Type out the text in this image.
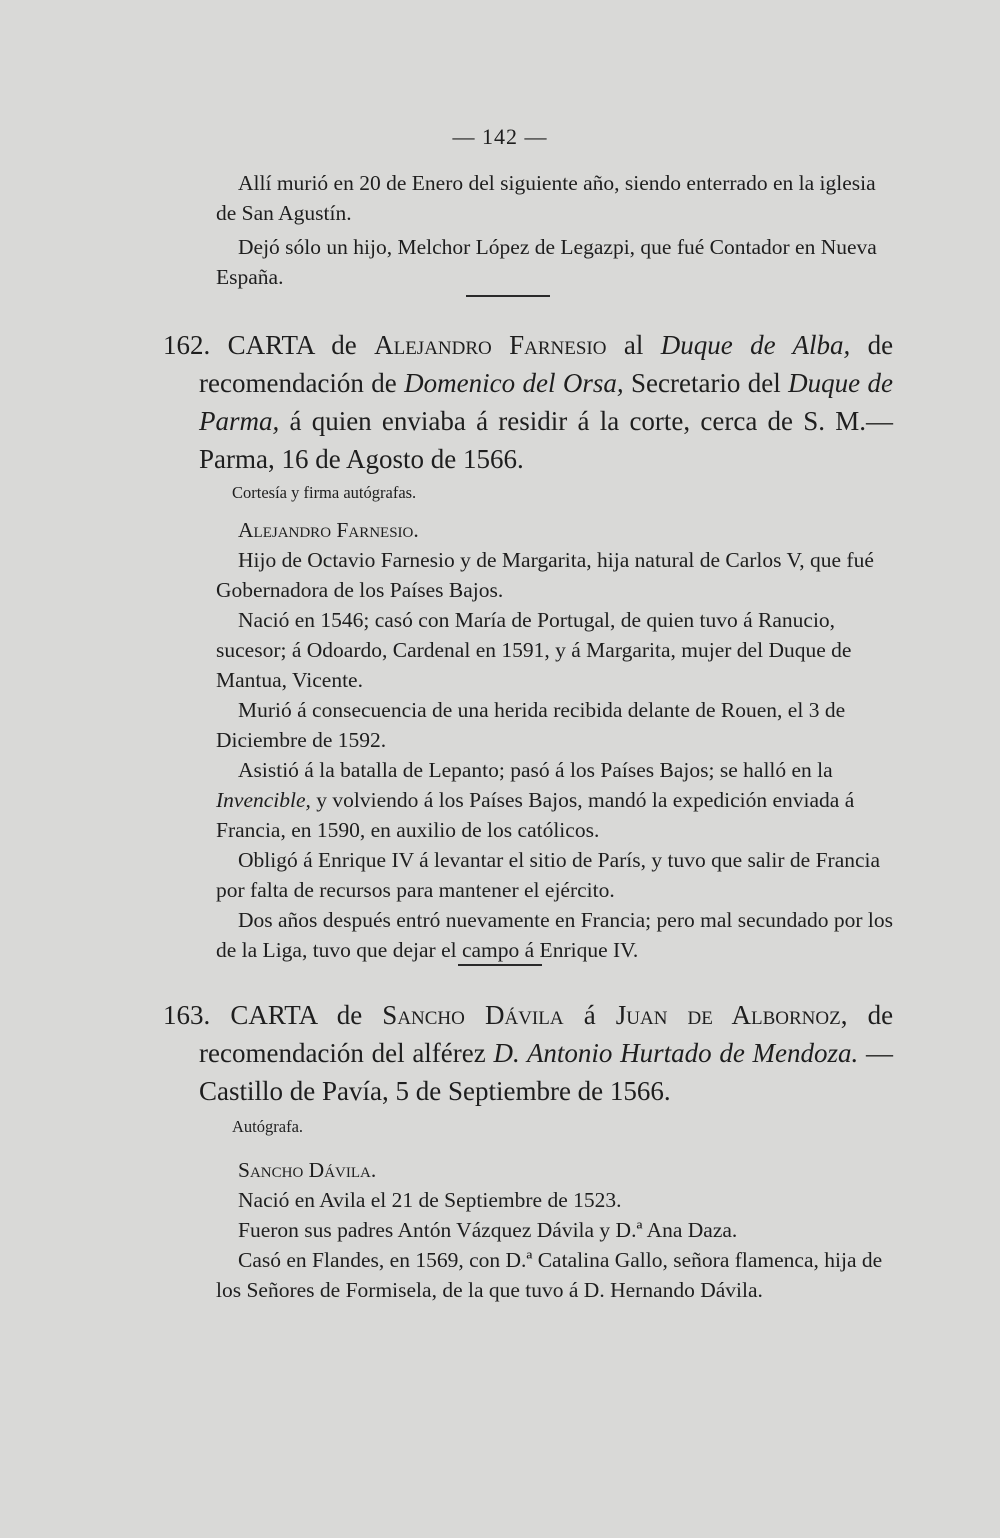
— 142 —

Allí murió en 20 de Enero del siguiente año, siendo enterrado en la iglesia de San Agustín.

Dejó sólo un hijo, Melchor López de Legazpi, que fué Contador en Nueva España.

162. CARTA de Alejandro Farnesio al Duque de Alba, de recomendación de Domenico del Orsa, Secretario del Duque de Parma, á quien enviaba á residir á la corte, cerca de S. M.— Parma, 16 de Agosto de 1566.

Cortesía y firma autógrafas.

Alejandro Farnesio.

Hijo de Octavio Farnesio y de Margarita, hija natural de Carlos V, que fué Gobernadora de los Países Bajos.

Nació en 1546; casó con María de Portugal, de quien tuvo á Ranucio, sucesor; á Odoardo, Cardenal en 1591, y á Margarita, mujer del Duque de Mantua, Vicente.

Murió á consecuencia de una herida recibida delante de Rouen, el 3 de Diciembre de 1592.

Asistió á la batalla de Lepanto; pasó á los Países Bajos; se halló en la Invencible, y volviendo á los Países Bajos, mandó la expedición enviada á Francia, en 1590, en auxilio de los católicos.

Obligó á Enrique IV á levantar el sitio de París, y tuvo que salir de Francia por falta de recursos para mantener el ejército.

Dos años después entró nuevamente en Francia; pero mal secundado por los de la Liga, tuvo que dejar el campo á Enrique IV.

163. CARTA de Sancho Dávila á Juan de Albornoz, de recomendación del alférez D. Antonio Hurtado de Mendoza. — Castillo de Pavía, 5 de Septiembre de 1566.

Autógrafa.

Sancho Dávila.

Nació en Avila el 21 de Septiembre de 1523.

Fueron sus padres Antón Vázquez Dávila y D.ª Ana Daza.

Casó en Flandes, en 1569, con D.ª Catalina Gallo, señora flamenca, hija de los Señores de Formisela, de la que tuvo á D. Hernando Dávila.
